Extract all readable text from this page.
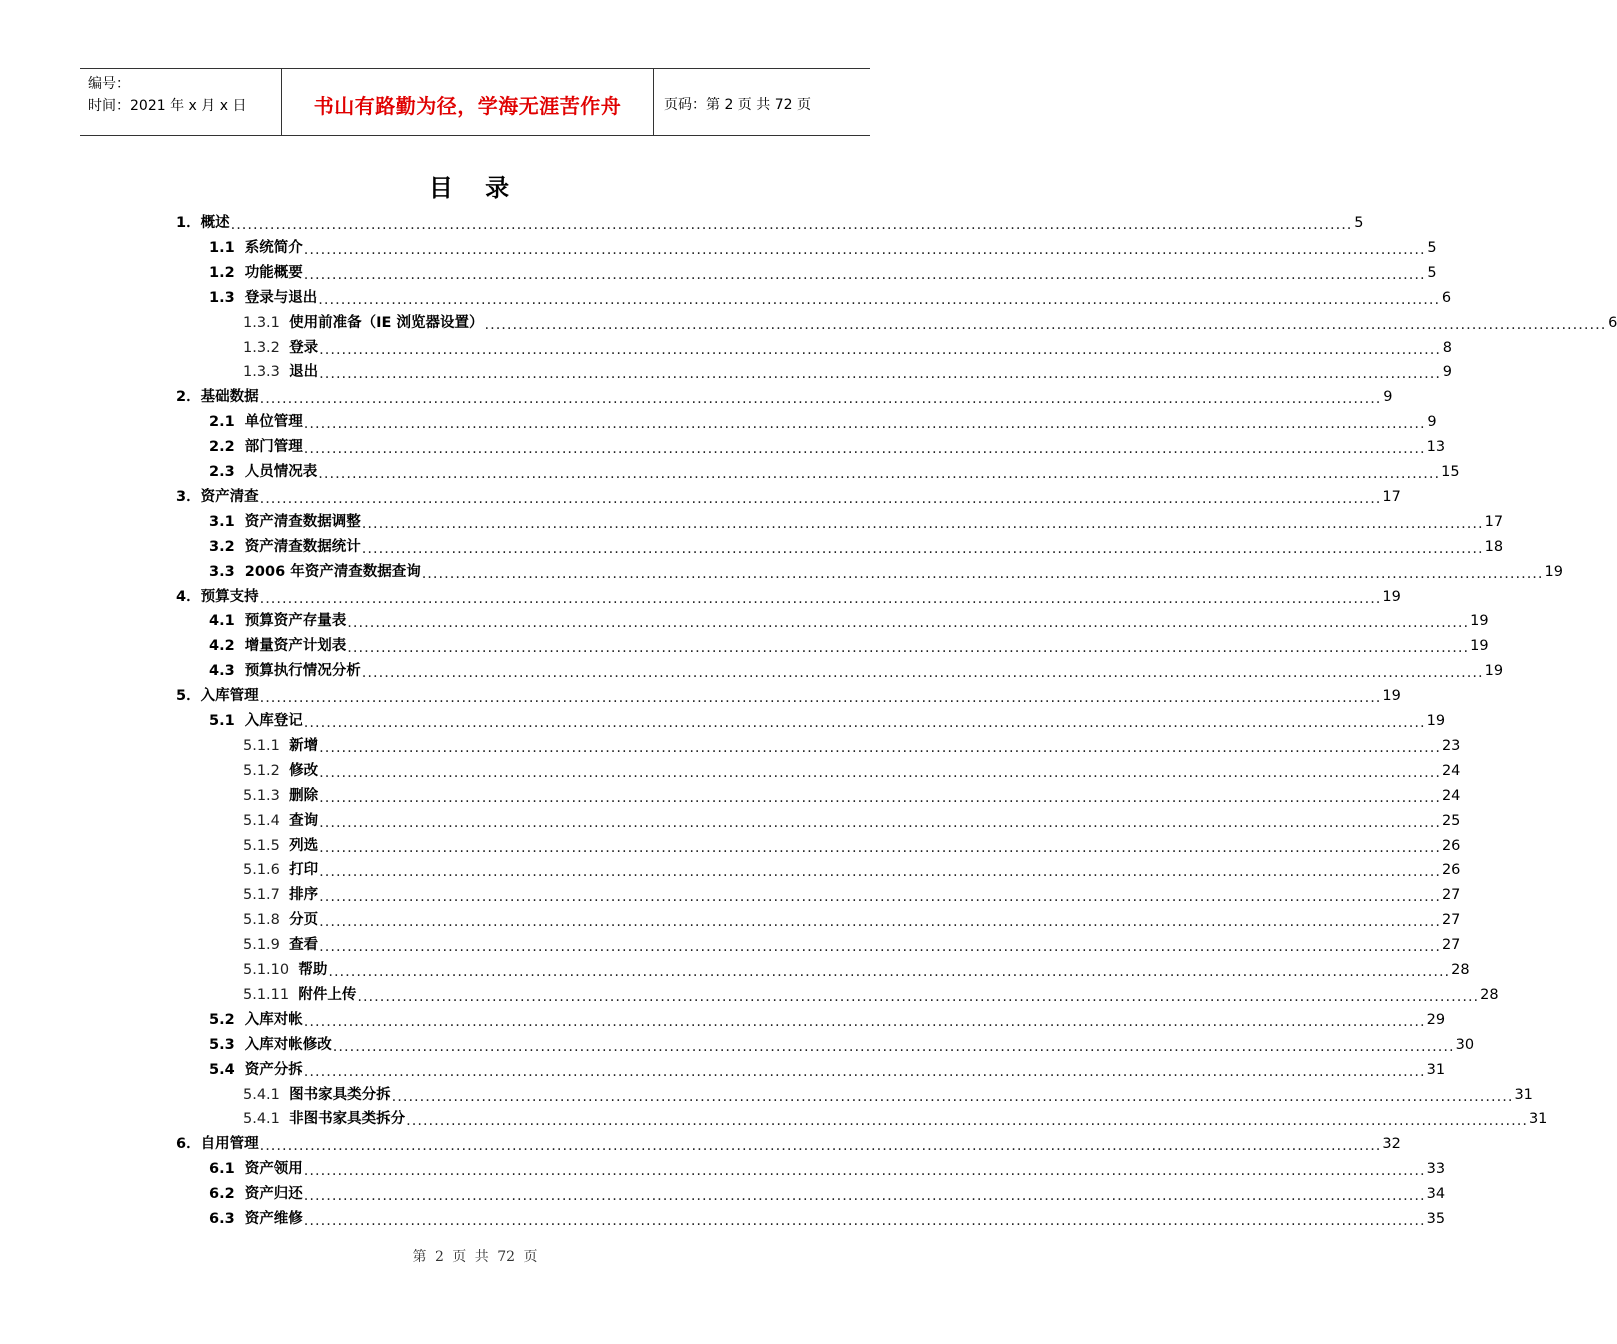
编号：
时间：2021 年 x 月 x 日	书山有路勤为径，学海无涯苦作舟	页码：第 2 页 共 72 页
目 录
1． 概述 ........................................................................................................................................................................................................ 5
1.1 系统简介 ........................................................................................................................................................................................................ 5
1.2 功能概要 ........................................................................................................................................................................................................ 5
1.3 登录与退出 ........................................................................................................................................................................................................ 6
1.3.1 使用前准备（IE 浏览器设置） ........................................................................................................................................................................................................ 6
1.3.2 登录 ........................................................................................................................................................................................................ 8
1.3.3 退出 ........................................................................................................................................................................................................ 9
2． 基础数据 ........................................................................................................................................................................................................ 9
2.1 单位管理 ........................................................................................................................................................................................................ 9
2.2 部门管理 ........................................................................................................................................................................................................ 13
2.3 人员情况表 ........................................................................................................................................................................................................ 15
3． 资产清查 ........................................................................................................................................................................................................ 17
3.1 资产清查数据调整 ........................................................................................................................................................................................................ 17
3.2 资产清查数据统计 ........................................................................................................................................................................................................ 18
3.3 2006 年资产清查数据查询 ........................................................................................................................................................................................................ 19
4． 预算支持 ........................................................................................................................................................................................................ 19
4.1 预算资产存量表 ........................................................................................................................................................................................................ 19
4.2 增量资产计划表 ........................................................................................................................................................................................................ 19
4.3 预算执行情况分析 ........................................................................................................................................................................................................ 19
5． 入库管理 ........................................................................................................................................................................................................ 19
5.1 入库登记 ........................................................................................................................................................................................................ 19
5.1.1 新增 ........................................................................................................................................................................................................ 23
5.1.2 修改 ........................................................................................................................................................................................................ 24
5.1.3 删除 ........................................................................................................................................................................................................ 24
5.1.4 查询 ........................................................................................................................................................................................................ 25
5.1.5 列选 ........................................................................................................................................................................................................ 26
5.1.6 打印 ........................................................................................................................................................................................................ 26
5.1.7 排序 ........................................................................................................................................................................................................ 27
5.1.8 分页 ........................................................................................................................................................................................................ 27
5.1.9 查看 ........................................................................................................................................................................................................ 27
5.1.10 帮助 ........................................................................................................................................................................................................ 28
5.1.11 附件上传 ........................................................................................................................................................................................................ 28
5.2 入库对帐 ........................................................................................................................................................................................................ 29
5.3 入库对帐修改 ........................................................................................................................................................................................................ 30
5.4 资产分拆 ........................................................................................................................................................................................................ 31
5.4.1 图书家具类分拆 ........................................................................................................................................................................................................ 31
5.4.1 非图书家具类拆分 ........................................................................................................................................................................................................ 31
6． 自用管理 ........................................................................................................................................................................................................ 32
6.1 资产领用 ........................................................................................................................................................................................................ 33
6.2 资产归还 ........................................................................................................................................................................................................ 34
6.3 资产维修 ........................................................................................................................................................................................................ 35
第 2 页 共 72 页
